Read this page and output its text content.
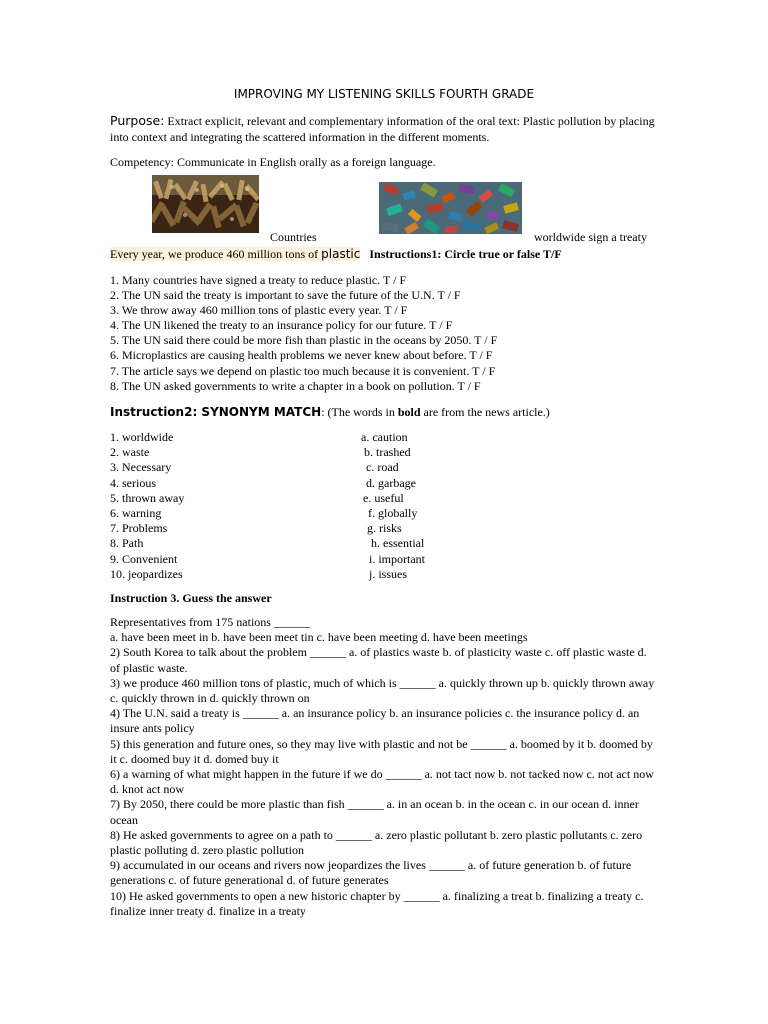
IMPROVING MY LISTENING SKILLS FOURTH GRADE
Purpose: Extract explicit, relevant and complementary information of the oral text: Plastic pollution by placing into context and integrating the scattered information in the different moments.
Competency: Communicate in English orally as a foreign language.
Countries	worldwide sign a treaty
Every year, we produce 460 million tons of plastic Instructions1: Circle true or false T/F
1. Many countries have signed a treaty to reduce plastic. T / F
2. The UN said the treaty is important to save the future of the U.N. T / F
3. We throw away 460 million tons of plastic every year. T / F
4. The UN likened the treaty to an insurance policy for our future. T / F
5. The UN said there could be more fish than plastic in the oceans by 2050. T / F
6. Microplastics are causing health problems we never knew about before. T / F
7. The article says we depend on plastic too much because it is convenient. T / F
8. The UN asked governments to write a chapter in a book on pollution. T / F
Instruction2: SYNONYM MATCH: (The words in bold are from the news article.)
1. worldwide
2. waste
3. Necessary
4. serious
5. thrown away
6. warning
7. Problems
8. Path
9. Convenient
10. jeopardizes
a. caution
b. trashed
c. road
d. garbage
e. useful
f. globally
g. risks
h. essential
i. important
j. issues
Instruction 3. Guess the answer
Representatives from 175 nations ______
a. have been meet in b. have been meet tin c. have been meeting d. have been meetings
2) South Korea to talk about the problem ______ a. of plastics waste b. of plasticity waste c. off plastic waste d. of plastic waste.
3) we produce 460 million tons of plastic, much of which is ______ a. quickly thrown up b. quickly thrown away c. quickly thrown in d. quickly thrown on
4) The U.N. said a treaty is ______ a. an insurance policy b. an insurance policies c. the insurance policy d. an insure ants policy
5) this generation and future ones, so they may live with plastic and not be ______ a. boomed by it b. doomed by it c. doomed buy it d. domed buy it
6) a warning of what might happen in the future if we do ______ a. not tact now b. not tacked now c. not act now d. knot act now
7) By 2050, there could be more plastic than fish ______ a. in an ocean b. in the ocean c. in our ocean d. inner ocean
8) He asked governments to agree on a path to ______ a. zero plastic pollutant b. zero plastic pollutants c. zero plastic polluting d. zero plastic pollution
9) accumulated in our oceans and rivers now jeopardizes the lives ______ a. of future generation b. of future generations c. of future generational d. of future generates
10) He asked governments to open a new historic chapter by ______ a. finalizing a treat b. finalizing a treaty c. finalize inner treaty d. finalize in a treaty
